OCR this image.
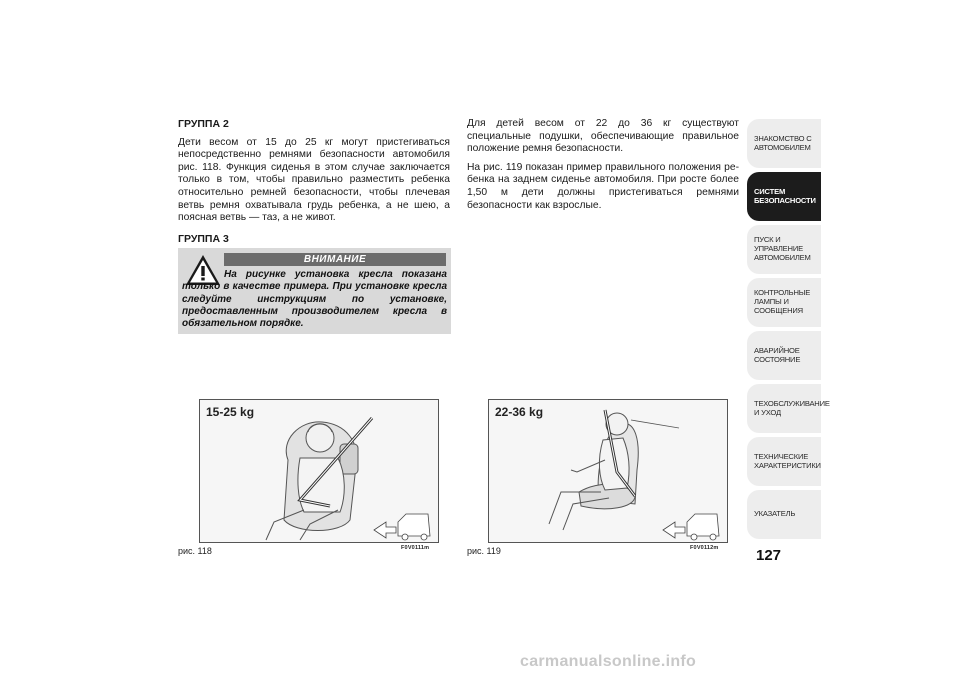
ГРУППА 2

Дети весом от 15 до 25 кг могут пристегиваться непосредственно ремнями безопасности автомобиля рис. 118. Функция сиденья в этом случае заключается только в том, чтобы правильно разместить ребенка относительно ремней безопасности, чтобы плечевая ветвь ремня охватывала грудь ребенка, а не шею, а поясная ветвь — таз, а не живот.

ГРУППА 3
ВНИМАНИЕ
На рисунке установка кресла показана только в качестве примера. При установке кресла следуйте инструкциям по установке, предоставленным производителем кресла в обязательном порядке.

Для детей весом от 22 до 36 кг существуют специальные подушки, обеспечивающие правильное положение ремня безопасности.

На рис. 119 показан пример правильного положения ребенка на заднем сиденье автомобиля. При росте более 1,50 м дети должны пристегиваться ремнями безопасности как взрослые.

15-25 kg
рис. 118	F0V0111m
22-36 kg
рис. 119	F0V0112m
ЗНАКОМСТВО С АВТОМОБИЛЕМ
СИСТЕМ БЕЗОПАСНОСТИ
ПУСК И УПРАВЛЕНИЕ АВТОМОБИЛЕМ
КОНТРОЛЬНЫЕ ЛАМПЫ И СООБЩЕНИЯ
АВАРИЙНОЕ СОСТОЯНИЕ
ТЕХОБСЛУЖИВАНИЕ И УХОД
ТЕХНИЧЕСКИЕ ХАРАКТЕРИСТИКИ
УКАЗАТЕЛЬ
127
carmanualsonline.info
